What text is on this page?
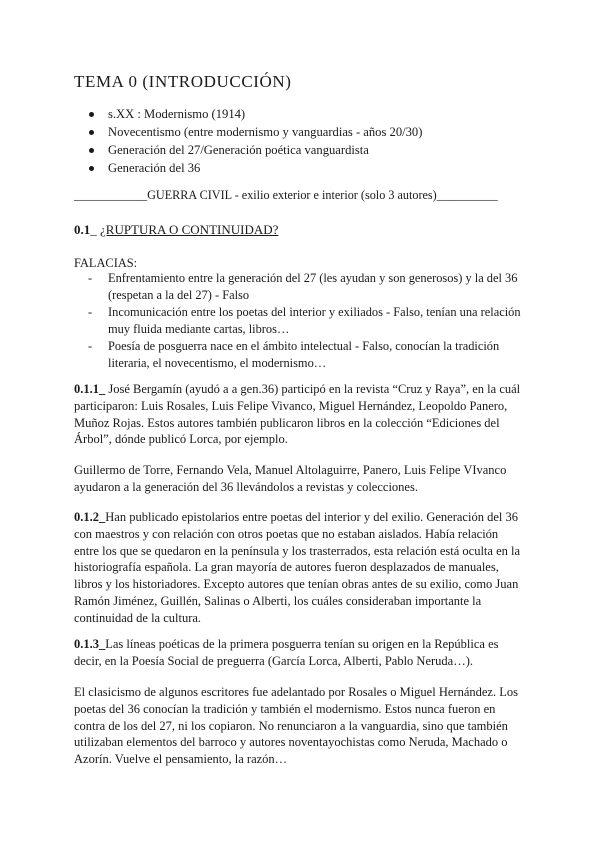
TEMA 0 (INTRODUCCIÓN)
s.XX : Modernismo (1914)
Novecentismo (entre modernismo y vanguardias - años 20/30)
Generación del 27/Generación poética vanguardista
Generación del 36
____________GUERRA CIVIL - exilio exterior e interior (solo 3 autores)__________
0.1_ ¿RUPTURA O CONTINUIDAD?
FALACIAS:
- Enfrentamiento entre la generación del 27 (les ayudan y son generosos) y la del 36 (respetan a la del 27) - Falso
- Incomunicación entre los poetas del interior y exiliados - Falso, tenían una relación muy fluida mediante cartas, libros…
- Poesía de posguerra nace en el ámbito intelectual - Falso, conocían la tradición literaria, el novecentismo, el modernismo…

0.1.1_ José Bergamín (ayudó a a gen.36) participó en la revista “Cruz y Raya”, en la cuál participaron: Luis Rosales, Luis Felipe Vivanco, Miguel Hernández, Leopoldo Panero, Muñoz Rojas. Estos autores también publicaron libros en la colección “Ediciones del Árbol”, dónde publicó Lorca, por ejemplo.

Guillermo de Torre, Fernando Vela, Manuel Altolaguirre, Panero, Luis Felipe VIvanco ayudaron a la generación del 36 llevándolos a revistas y colecciones.

0.1.2_Han publicado epistolarios entre poetas del interior y del exilio. Generación del 36 con maestros y con relación con otros poetas que no estaban aislados. Había relación entre los que se quedaron en la península y los trasterrados, esta relación está oculta en la historiografía española. La gran mayoría de autores fueron desplazados de manuales, libros y los historiadores. Excepto autores que tenían obras antes de su exilio, como Juan Ramón Jiménez, Guillén, Salinas o Alberti, los cuáles consideraban importante la continuidad de la cultura.

0.1.3_Las líneas poéticas de la primera posguerra tenían su origen en la República es decir, en la Poesía Social de preguerra (García Lorca, Alberti, Pablo Neruda…).

El clasicismo de algunos escritores fue adelantado por Rosales o Miguel Hernández. Los poetas del 36 conocían la tradición y también el modernismo. Estos nunca fueron en contra de los del 27, ni los copiaron. No renunciaron a la vanguardia, sino que también utilizaban elementos del barroco y autores noventayochistas como Neruda, Machado o Azorín. Vuelve el pensamiento, la razón…
